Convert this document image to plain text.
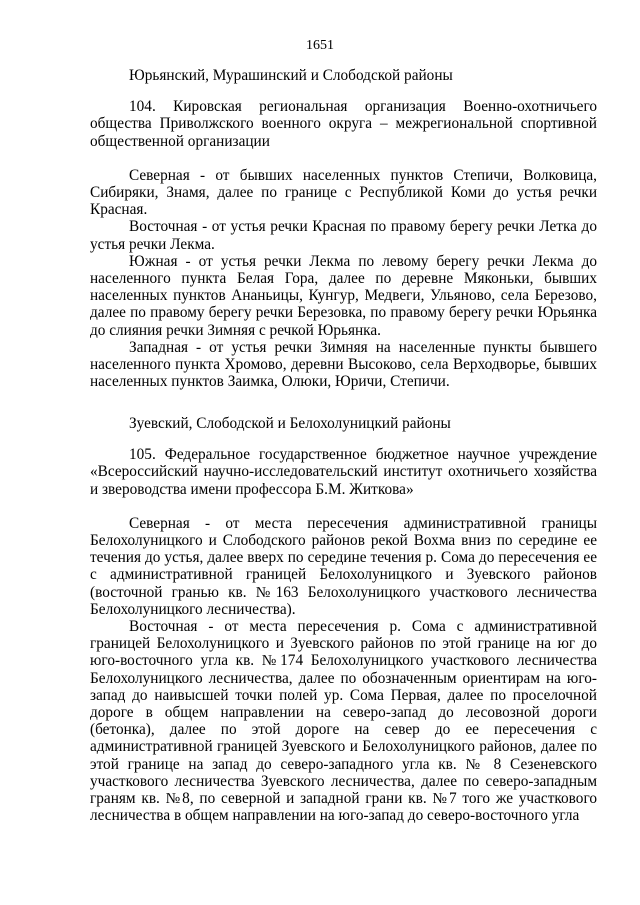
1651

Юрьянский, Мурашинский и Слободской районы

104. Кировская региональная организация Военно-охотничьего общества Приволжского военного округа – межрегиональной спортивной общественной организации

Северная - от бывших населенных пунктов Степичи, Волковица, Сибиряки, Знамя, далее по границе с Республикой Коми до устья речки Красная.

Восточная - от устья речки Красная по правому берегу речки Летка до устья речки Лекма.

Южная - от устья речки Лекма по левому берегу речки Лекма до населенного пункта Белая Гора, далее по деревне Мяконьки, бывших населенных пунктов Ананьицы, Кунгур, Медвеги, Ульяново, села Березово, далее по правому берегу речки Березовка, по правому берегу речки Юрьянка до слияния речки Зимняя с речкой Юрьянка.

Западная - от устья речки Зимняя на населенные пункты бывшего населенного пункта Хромово, деревни Высоково, села Верходворье, бывших населенных пунктов Заимка, Олюки, Юричи, Степичи.

Зуевский, Слободской и Белохолуницкий районы

105. Федеральное государственное бюджетное научное учреждение «Всероссийский научно-исследовательский институт охотничьего хозяйства и звероводства имени профессора Б.М. Житкова»

Северная - от места пересечения административной границы Белохолуницкого и Слободского районов рекой Вохма вниз по середине ее течения до устья, далее вверх по середине течения р. Сома до пересечения ее с административной границей Белохолуницкого и Зуевского районов (восточной гранью кв. №163 Белохолуницкого участкового лесничества Белохолуницкого лесничества).

Восточная - от места пересечения р. Сома с административной границей Белохолуницкого и Зуевского районов по этой границе на юг до юго-восточного угла кв. №174 Белохолуницкого участкового лесничества Белохолуницкого лесничества, далее по обозначенным ориентирам на юго-запад до наивысшей точки полей ур. Сома Первая, далее по проселочной дороге в общем направлении на северо-запад до лесовозной дороги (бетонка), далее по этой дороге на север до ее пересечения с административной границей Зуевского и Белохолуницкого районов, далее по этой границе на запад до северо-западного угла кв. № 8 Сезеневского участкового лесничества Зуевского лесничества, далее по северо-западным граням кв. №8, по северной и западной грани кв. №7 того же участкового лесничества в общем направлении на юго-запад до северо-восточного угла
